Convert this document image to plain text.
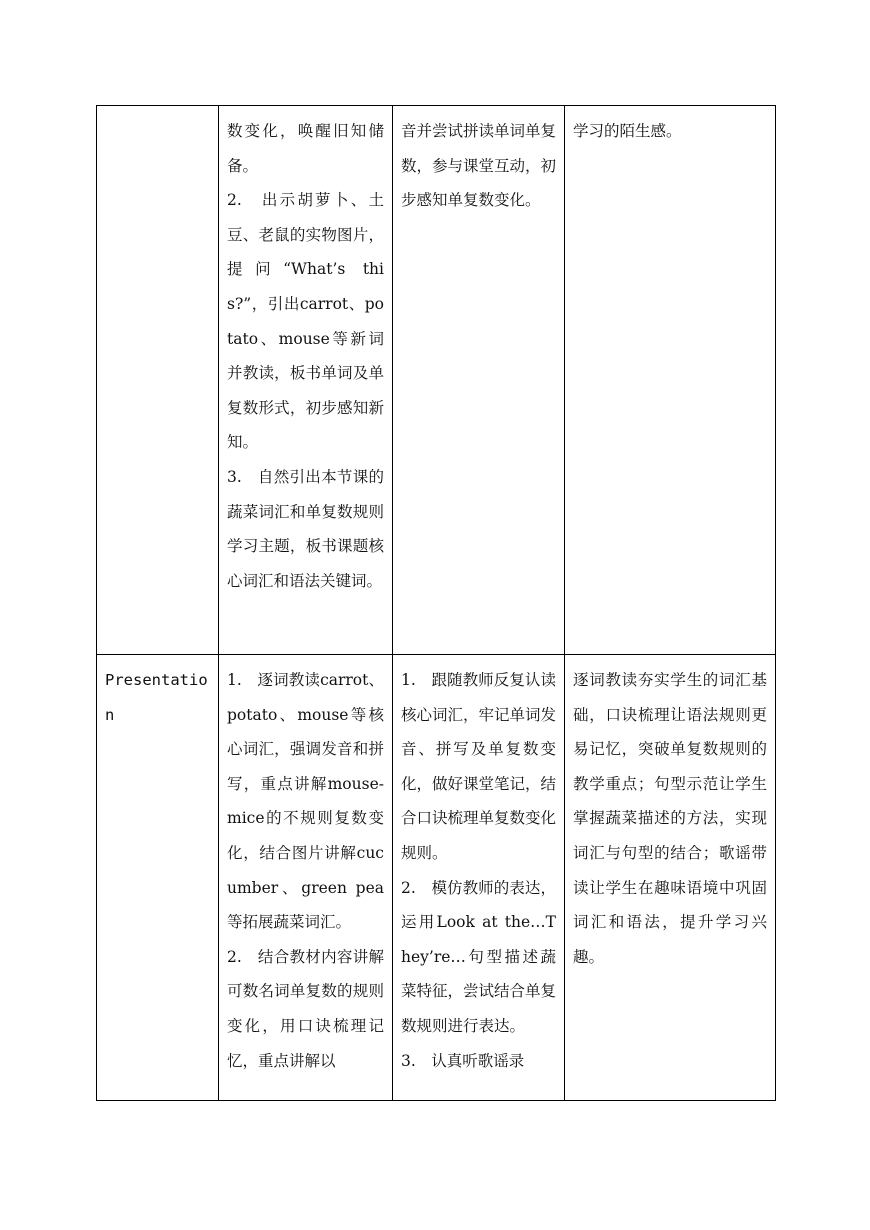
	数变化，唤醒旧知储备。
2.　出示胡萝卜、土豆、老鼠的实物图片，提问“What’s this?”，引出carrot、potato、mouse等新词并教读，板书单词及单复数形式，初步感知新知。
3.　自然引出本节课的蔬菜词汇和单复数规则学习主题，板书课题核心词汇和语法关键词。	音并尝试拼读单词单复数，参与课堂互动，初步感知单复数变化。	学习的陌生感。

Presentation	1.　逐词教读carrot、potato、mouse等核心词汇，强调发音和拼写，重点讲解mouse-mice的不规则复数变化，结合图片讲解cucumber、green pea等拓展蔬菜词汇。
2.　结合教材内容讲解可数名词单复数的规则变化，用口诀梳理记忆，重点讲解以	1.　跟随教师反复认读核心词汇，牢记单词发音、拼写及单复数变化，做好课堂笔记，结合口诀梳理单复数变化规则。
2.　模仿教师的表达，运用Look at the…They’re…句型描述蔬菜特征，尝试结合单复数规则进行表达。
3.　认真听歌谣录	逐词教读夯实学生的词汇基础，口诀梳理让语法规则更易记忆，突破单复数规则的教学重点；句型示范让学生掌握蔬菜描述的方法，实现词汇与句型的结合；歌谣带读让学生在趣味语境中巩固词汇和语法，提升学习兴趣。
